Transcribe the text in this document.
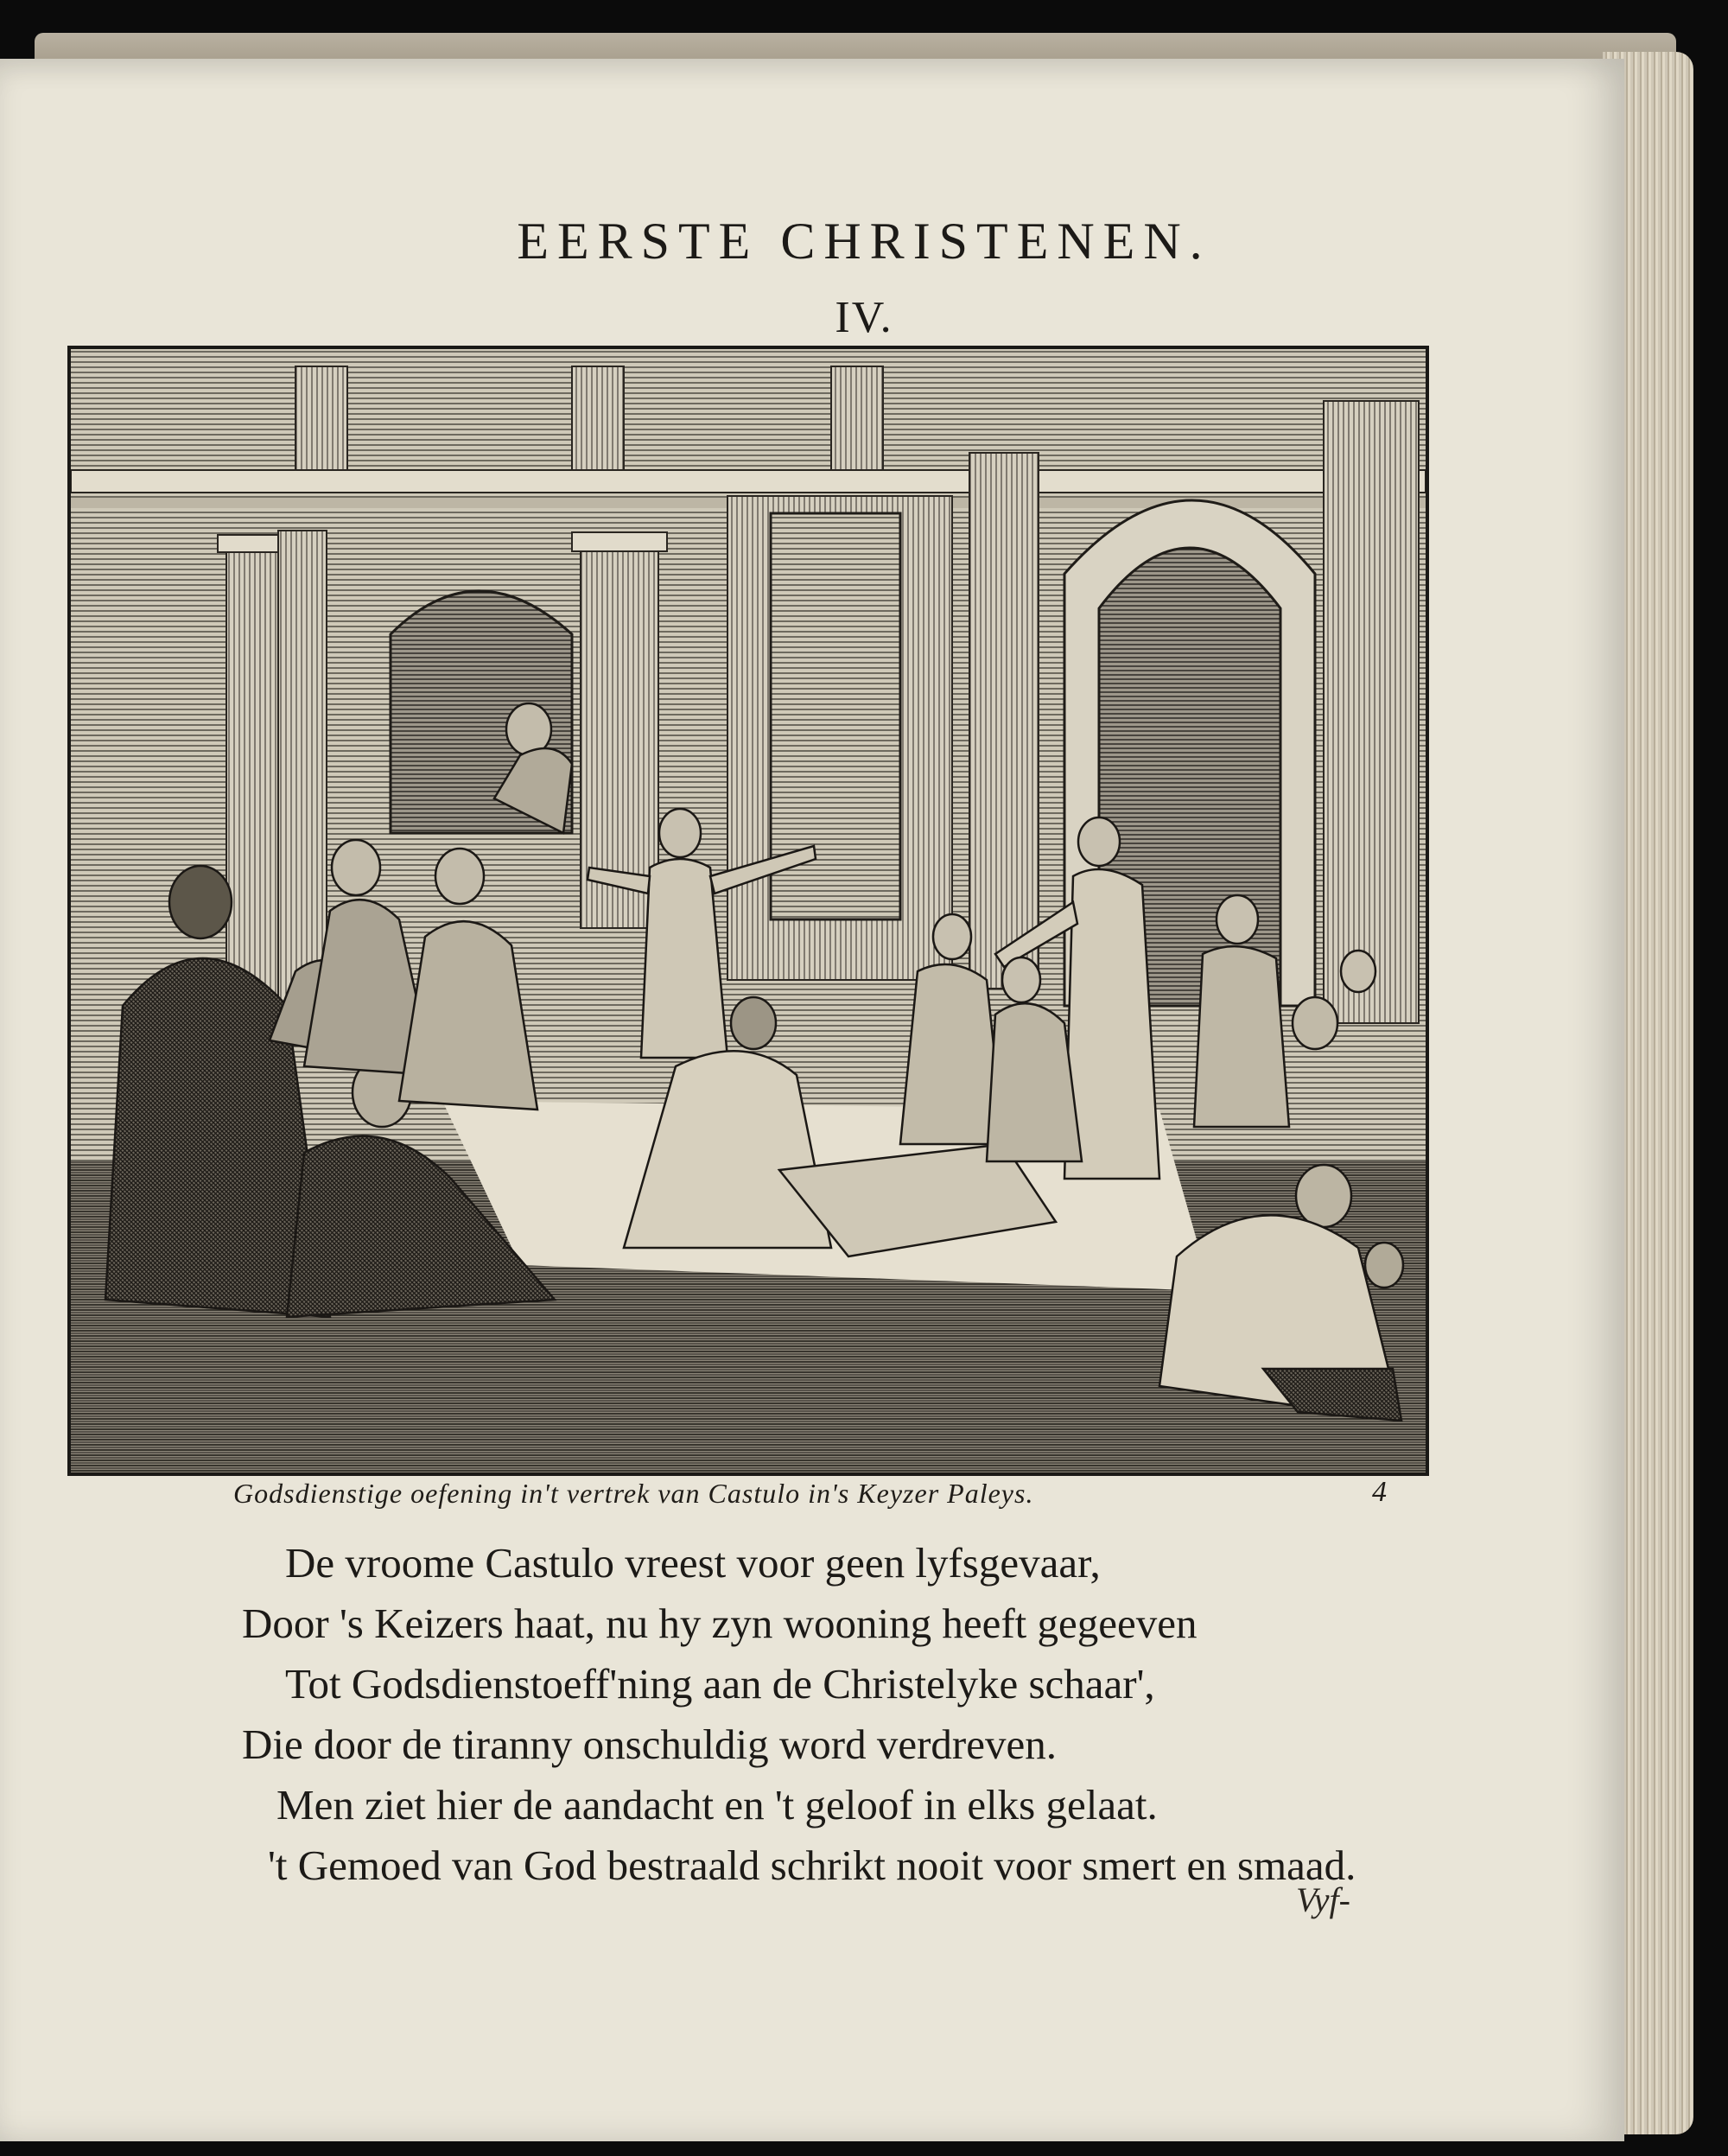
EERSTE CHRISTENEN.
IV.
Godsdienstige oefening in't vertrek van Castulo in's Keyzer Paleys.	4
De vroome Castulo vreest voor geen lyfsgevaar,
Door 's Keizers haat, nu hy zyn wooning heeft gegeeven
Tot Godsdienstoeff'ning aan de Christelyke schaar',
Die door de tiranny onschuldig word verdreven.
Men ziet hier de aandacht en 't geloof in elks gelaat.
't Gemoed van God bestraald schrikt nooit voor smert en smaad.
Vyf-
